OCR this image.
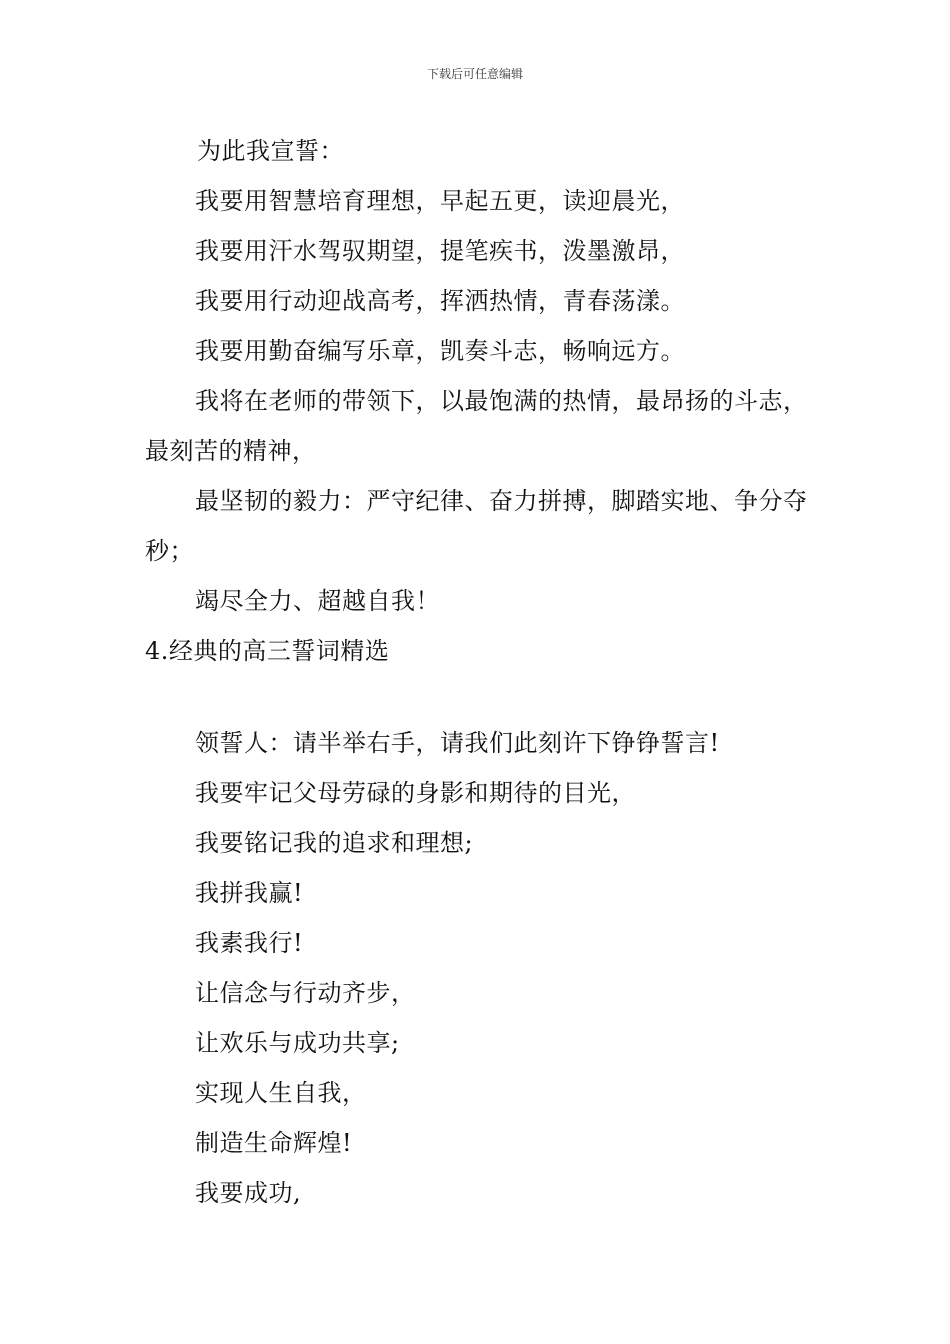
下载后可任意编辑

为此我宣誓：

我要用智慧培育理想，早起五更，读迎晨光，

我要用汗水驾驭期望，提笔疾书，泼墨激昂，

我要用行动迎战高考，挥洒热情，青春荡漾。

我要用勤奋编写乐章，凯奏斗志，畅响远方。

我将在老师的带领下，以最饱满的热情，最昂扬的斗志，最刻苦的精神，

最坚韧的毅力：严守纪律、奋力拼搏，脚踏实地、争分夺秒；

竭尽全力、超越自我！

4.经典的高三誓词精选

领誓人：请半举右手，请我们此刻许下铮铮誓言!

我要牢记父母劳碌的身影和期待的目光，

我要铭记我的追求和理想;

我拼我赢!

我素我行!

让信念与行动齐步，

让欢乐与成功共享;

实现人生自我，

制造生命辉煌!

我要成功,
